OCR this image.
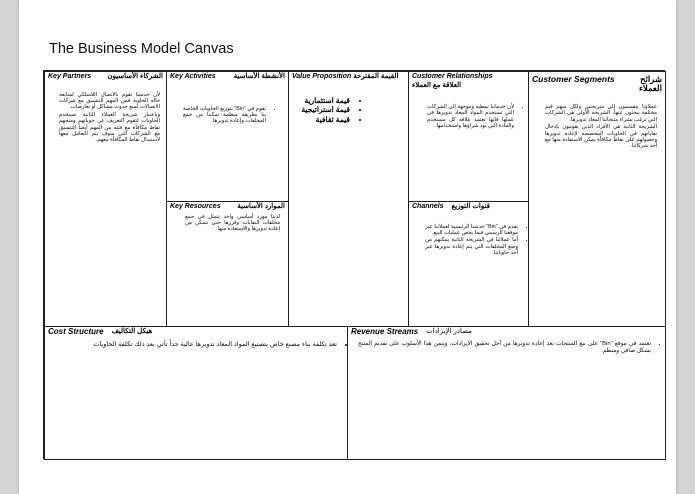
The Business Model Canvas
Key Partners الشركاء الأساسيون
• لأن خدمتنا تقوم بالاتصال اللاسلكي لمتابعة حالة الحاوية فمن المهم التنسيق مع شركات الاتصالات لمنع حدوث مشاكل أو تعارضات.
• وباعتبار شريحة العملاء الثانية تستخدم الحاويات لتقوم التعريف عن خوياتهم ومنحهم نقاط مكافأة مع فئته من المهم أيضاً التنسيق مع الشركات التي سوف يتم التعامل معها لاستبدال نقاط المكافأة معهم.
Key Activities	الأنشطة الأساسية
• نقوم في "Bin" بتوزيع الحاويات الخاصة بنا بطريقة منظمة تمكننا من جمع المخلفات وإعادة تدويرها.
Key Resources الموارد الأساسية
• لدينا مورد أساسي واحد يتمثل في جمع مخلفات النفايات وفرزها حتى نتمكن من إعادة تدويرها والاستفادة منها.
Value Proposition القيمة المقترحة
• قيمة استثمارية
• قيمة استراتيجية
• قيمة ثقافية
Customer Relationships
العلاقة مع العملاء
• لأن خدماتنا نمطية وموجهة إلى الشركات التي تستخدم المواد المعاد تدويرها في عملها فإنها تعتمد علاقة كل مستخدم والمادة التي يود شراؤها واستخدامها.
Channels قنوات التوزيع
• نقدم في "Bin" خدمتنا الرئيسية لعملائنا عبر موقعنا الرسمي فيما يخص عمليات البيع.
• أما عملائنا في الشريحة الثانية يمكنهم من وضع المخلفات التي يتم إعادة تدويرها عبر أحد حاوياتنا.
Customer Segments	شرائح العملاء
• عملاؤنا ينقسمون إلى شريحتين ولكل منهم قيم مختلفة يبحثون عنها، الشريحة الأولى هي الشركات التي ترغب بشراء منتجاتنا المعاد تدويرها.
• الشريحة الثانية هي الأفراد الذين يقومون بإدخال نفاياتهم في الحاويات المخصصة لإعادة تدويرها وحصولهم على نقاط مكافأة يمكن الاستفادة منها مع أحد شركائنا.
Cost Structure هيكل التكاليف
• تعد تكلفة بناء مصنع خاص بتصنيع المواد المعاد تدويرها عالية جداً تأتي بعد ذلك تكلفة الحاويات
Revenue Streams مصادر الإيرادات
• نعتمد في موقع "Bin" على بيع المنتجات بعد إعادة تدويرها من أجل تحقيق الإيرادات، ويتمن هذا الأسلوب على تقديم المنتج بشكل صافي ومنظم.
